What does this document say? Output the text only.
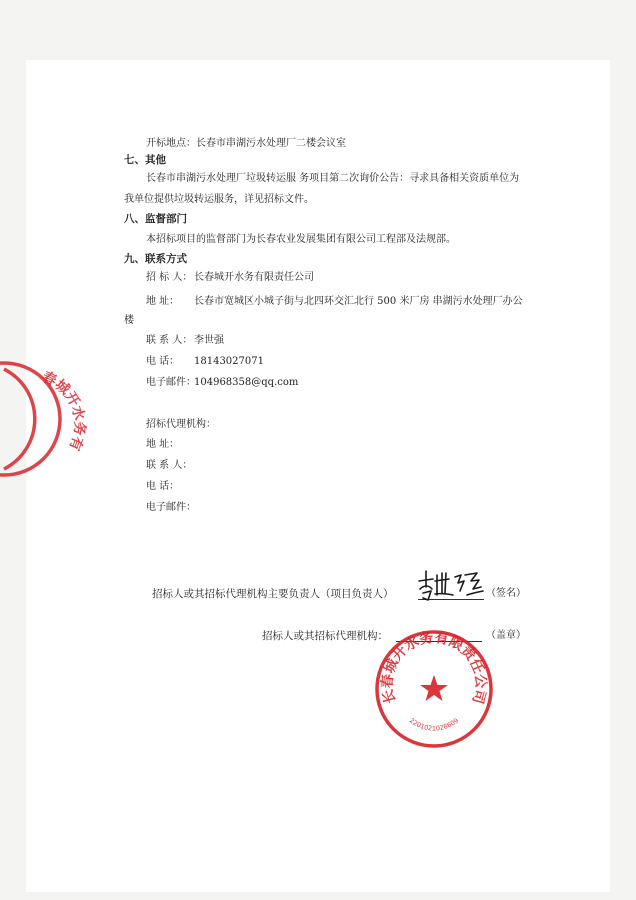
开标地点：长春市串湖污水处理厂二楼会议室
七、其他
长春市串湖污水处理厂垃圾转运服 务项目第二次询价公告：寻求具备相关资质单位为
我单位提供垃圾转运服务，详见招标文件。
八、监督部门
本招标项目的监督部门为长春农业发展集团有限公司工程部及法规部。
九、联系方式
招 标 人： 长春城开水务有限责任公司
地 址： 长春市宽城区小城子街与北四环交汇北行 500 米厂房 串湖污水处理厂办公
楼
联 系 人： 李世强
电 话： 18143027071
电子邮件：
104968358@qq.com
招标代理机构：
地 址：
联 系 人：
电 话：
电子邮件：
招标人或其招标代理机构主要负责人（项目负责人）	（签名）
招标人或其招标代理机构：	（盖章）
长春城开水务有限责任公司
2201021028609
春城开水务有
